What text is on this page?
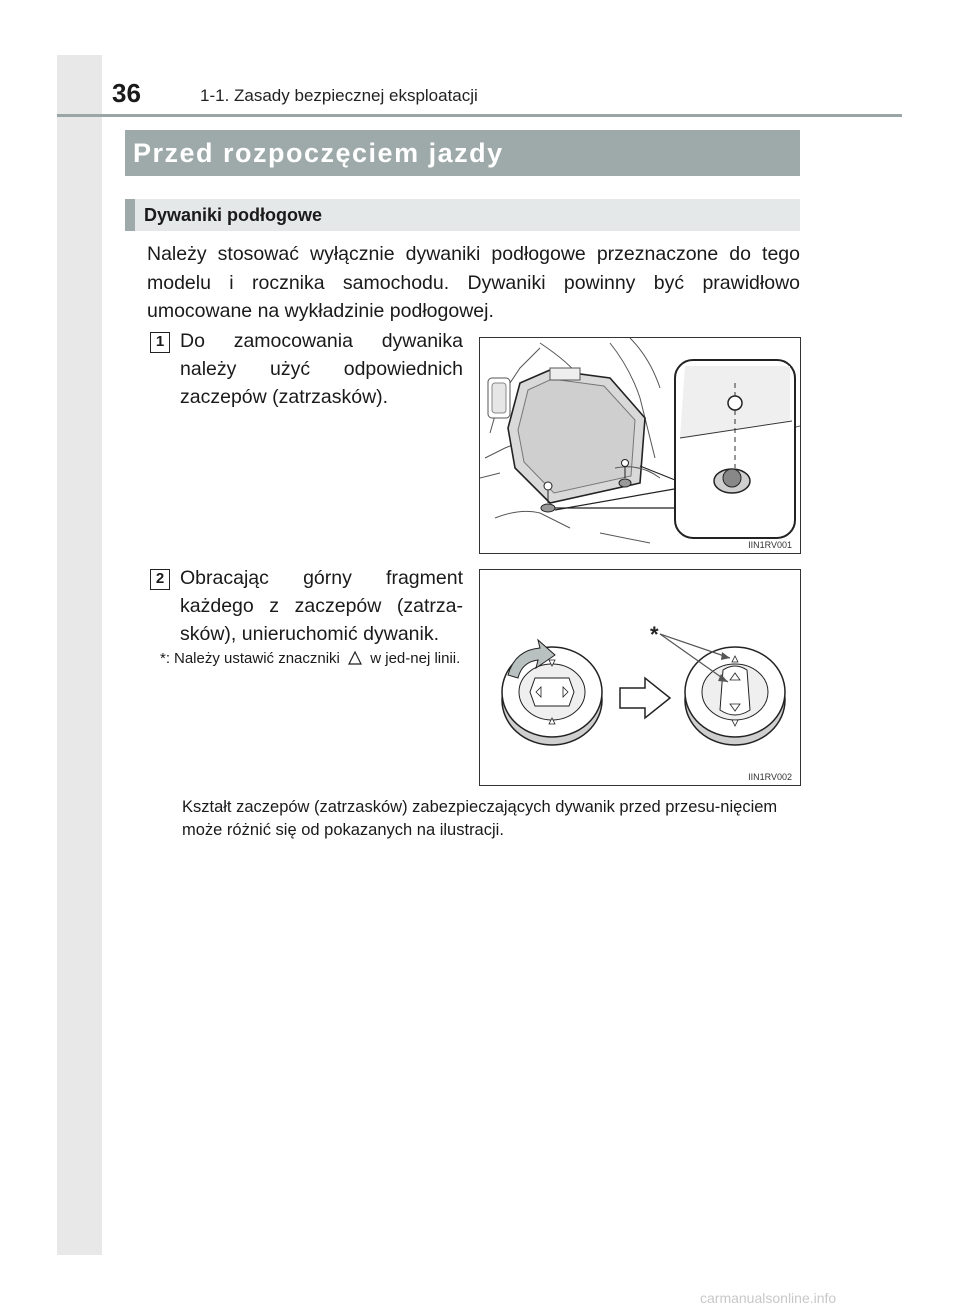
36	1-1. Zasady bezpiecznej eksploatacji
Przed rozpoczęciem jazdy
Dywaniki podłogowe
Należy stosować wyłącznie dywaniki podłogowe przeznaczone do tego modelu i rocznika samochodu. Dywaniki powinny być prawidłowo umocowane na wykładzinie podłogowej.
1 Do zamocowania dywanika należy użyć odpowiednich zaczepów (zatrzasków).
IIN1RV001
2 Obracając górny fragment każdego z zaczepów (zatrza-sków), unieruchomić dywanik.
*: Należy ustawić znaczniki w jed-nej linii.
*
IIN1RV002
Kształt zaczepów (zatrzasków) zabezpieczających dywanik przed przesu-nięciem może różnić się od pokazanych na ilustracji.
carmanualsonline.info
